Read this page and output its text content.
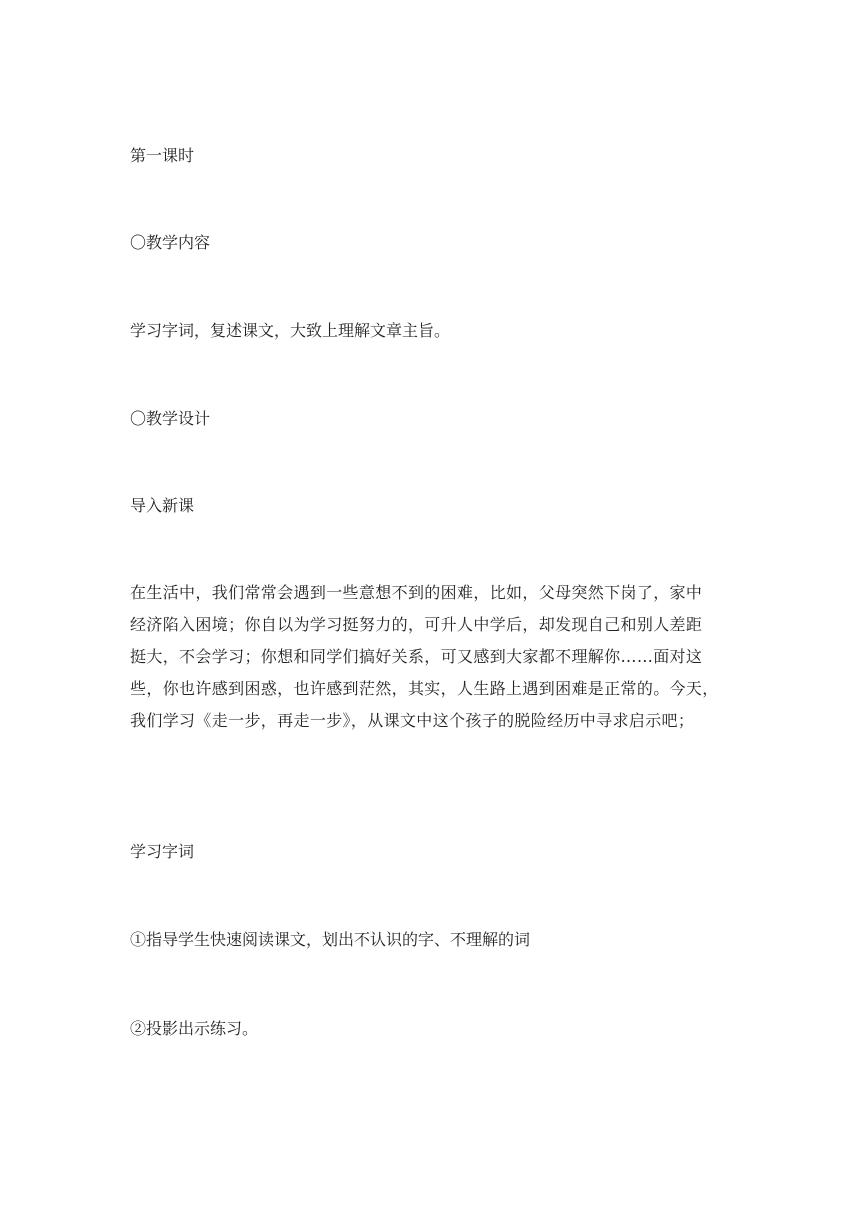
第一课时
〇教学内容
学习字词，复述课文，大致上理解文章主旨。
〇教学设计
导入新课
在生活中，我们常常会遇到一些意想不到的困难，比如，父母突然下岗了，家中
经济陷入困境；你自以为学习挺努力的，可升人中学后，却发现自己和别人差距
挺大，不会学习；你想和同学们搞好关系，可又感到大家都不理解你……面对这
些，你也许感到困惑，也许感到茫然，其实，人生路上遇到困难是正常的。今天，
我们学习《走一步，再走一步》，从课文中这个孩子的脱险经历中寻求启示吧；
学习字词
①指导学生快速阅读课文，划出不认识的字、不理解的词
②投影出示练习。
